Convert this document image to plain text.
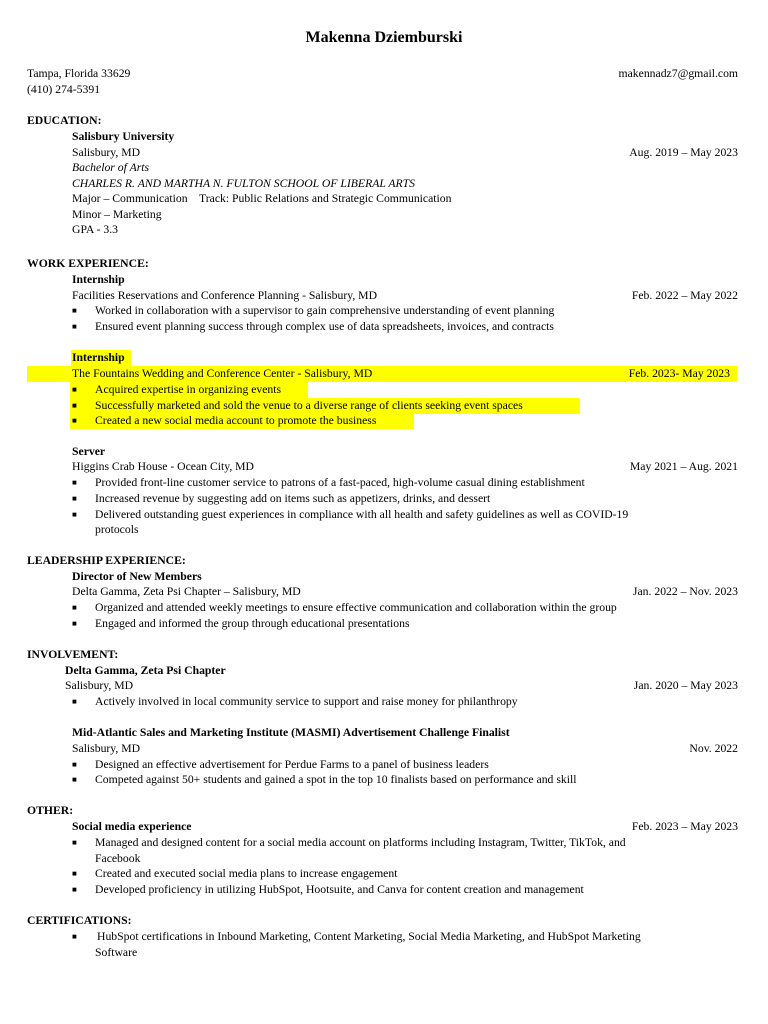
Makenna Dziemburski
Tampa, Florida 33629	makennadz7@gmail.com
(410) 274-5391
EDUCATION:
Salisbury University
Salisbury, MD	Aug. 2019 – May 2023
Bachelor of Arts
CHARLES R. AND MARTHA N. FULTON SCHOOL OF LIBERAL ARTS
Major – Communication    Track: Public Relations and Strategic Communication
Minor – Marketing
GPA - 3.3
WORK EXPERIENCE:
Internship
Facilities Reservations and Conference Planning - Salisbury, MD	Feb. 2022 – May 2022
■ Worked in collaboration with a supervisor to gain comprehensive understanding of event planning
■ Ensured event planning success through complex use of data spreadsheets, invoices, and contracts
Internship
The Fountains Wedding and Conference Center - Salisbury, MD	Feb. 2023- May 2023
■ Acquired expertise in organizing events
■ Successfully marketed and sold the venue to a diverse range of clients seeking event spaces
■ Created a new social media account to promote the business
Server
Higgins Crab House - Ocean City, MD	May 2021 – Aug. 2021
■ Provided front-line customer service to patrons of a fast-paced, high-volume casual dining establishment
■ Increased revenue by suggesting add on items such as appetizers, drinks, and dessert
■ Delivered outstanding guest experiences in compliance with all health and safety guidelines as well as COVID-19
protocols
LEADERSHIP EXPERIENCE:
Director of New Members
Delta Gamma, Zeta Psi Chapter – Salisbury, MD	Jan. 2022 – Nov. 2023
■ Organized and attended weekly meetings to ensure effective communication and collaboration within the group
■ Engaged and informed the group through educational presentations
INVOLVEMENT:
Delta Gamma, Zeta Psi Chapter
Salisbury, MD	Jan. 2020 – May 2023
■ Actively involved in local community service to support and raise money for philanthropy
Mid-Atlantic Sales and Marketing Institute (MASMI) Advertisement Challenge Finalist
Salisbury, MD	Nov. 2022
■ Designed an effective advertisement for Perdue Farms to a panel of business leaders
■ Competed against 50+ students and gained a spot in the top 10 finalists based on performance and skill
OTHER:
Social media experience	Feb. 2023 – May 2023
■ Managed and designed content for a social media account on platforms including Instagram, Twitter, TikTok, and
Facebook
■ Created and executed social media plans to increase engagement
■ Developed proficiency in utilizing HubSpot, Hootsuite, and Canva for content creation and management
CERTIFICATIONS:
■ HubSpot certifications in Inbound Marketing, Content Marketing, Social Media Marketing, and HubSpot Marketing
Software
